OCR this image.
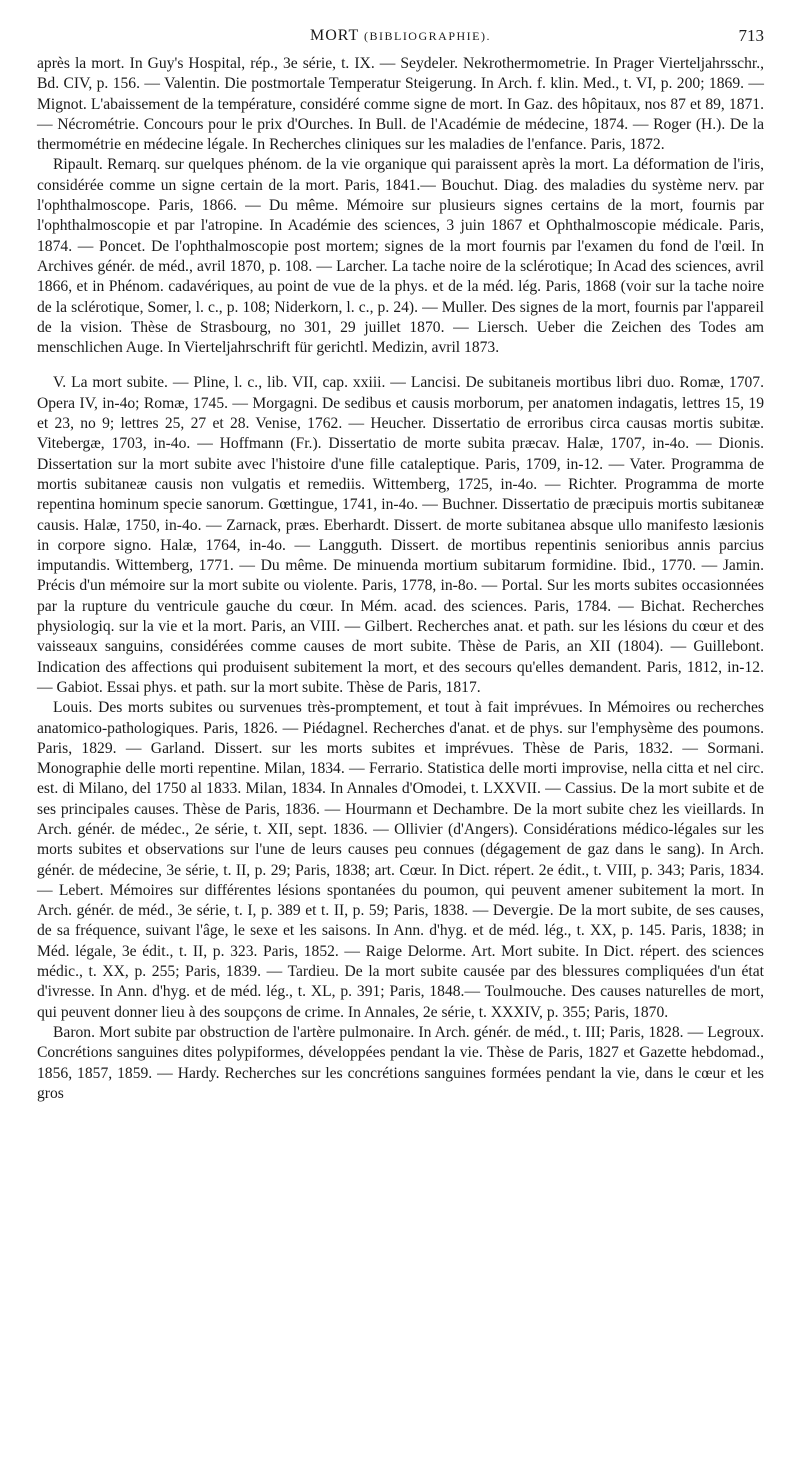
MORT (BIBLIOGRAPHIE).	713

après la mort. In Guy's Hospital, rép., 3e série, t. IX. — Seydeler. Nekrothermometrie. In Prager Vierteljahrsschr., Bd. CIV, p. 156. — Valentin. Die postmortale Temperatur Steigerung. In Arch. f. klin. Med., t. VI, p. 200; 1869. — Mignot. L'abaissement de la température, considéré comme signe de mort. In Gaz. des hôpitaux, nos 87 et 89, 1871. — Nécrométrie. Concours pour le prix d'Ourches. In Bull. de l'Académie de médecine, 1874. — Roger (H.). De la thermométrie en médecine légale. In Recherches cliniques sur les maladies de l'enfance. Paris, 1872.

Ripault. Remarq. sur quelques phénom. de la vie organique qui paraissent après la mort. La déformation de l'iris, considérée comme un signe certain de la mort. Paris, 1841.— Bouchut. Diag. des maladies du système nerv. par l'ophthalmoscope. Paris, 1866. — Du même. Mémoire sur plusieurs signes certains de la mort, fournis par l'ophthalmoscopie et par l'atropine. In Académie des sciences, 3 juin 1867 et Ophthalmoscopie médicale. Paris, 1874. — Poncet. De l'ophthalmoscopie post mortem; signes de la mort fournis par l'examen du fond de l'œil. In Archives génér. de méd., avril 1870, p. 108. — Larcher. La tache noire de la sclérotique; In Acad des sciences, avril 1866, et in Phénom. cadavériques, au point de vue de la phys. et de la méd. lég. Paris, 1868 (voir sur la tache noire de la sclérotique, Somer, l. c., p. 108; Niderkorn, l. c., p. 24). — Muller. Des signes de la mort, fournis par l'appareil de la vision. Thèse de Strasbourg, no 301, 29 juillet 1870. — Liersch. Ueber die Zeichen des Todes am menschlichen Auge. In Vierteljahrschrift für gerichtl. Medizin, avril 1873.

V. La mort subite. — Pline, l. c., lib. VII, cap. xxiii. — Lancisi. De subitaneis mortibus libri duo. Romæ, 1707. Opera IV, in-4o; Romæ, 1745. — Morgagni. De sedibus et causis morborum, per anatomen indagatis, lettres 15, 19 et 23, no 9; lettres 25, 27 et 28. Venise, 1762. — Heucher. Dissertatio de erroribus circa causas mortis subitæ. Vitebergæ, 1703, in-4o. — Hoffmann (Fr.). Dissertatio de morte subita præcav. Halæ, 1707, in-4o. — Dionis. Dissertation sur la mort subite avec l'histoire d'une fille cataleptique. Paris, 1709, in-12. — Vater. Programma de mortis subitaneæ causis non vulgatis et remediis. Wittemberg, 1725, in-4o. — Richter. Programma de morte repentina hominum specie sanorum. Gœttingue, 1741, in-4o. — Buchner. Dissertatio de præcipuis mortis subitaneæ causis. Halæ, 1750, in-4o. — Zarnack, præs. Eberhardt. Dissert. de morte subitanea absque ullo manifesto læsionis in corpore signo. Halæ, 1764, in-4o. — Langguth. Dissert. de mortibus repentinis senioribus annis parcius imputandis. Wittemberg, 1771. — Du même. De minuenda mortium subitarum formidine. Ibid., 1770. — Jamin. Précis d'un mémoire sur la mort subite ou violente. Paris, 1778, in-8o. — Portal. Sur les morts subites occasionnées par la rupture du ventricule gauche du cœur. In Mém. acad. des sciences. Paris, 1784. — Bichat. Recherches physiologiq. sur la vie et la mort. Paris, an VIII. — Gilbert. Recherches anat. et path. sur les lésions du cœur et des vaisseaux sanguins, considérées comme causes de mort subite. Thèse de Paris, an XII (1804). — Guillebont. Indication des affections qui produisent subitement la mort, et des secours qu'elles demandent. Paris, 1812, in-12. — Gabiot. Essai phys. et path. sur la mort subite. Thèse de Paris, 1817.

Louis. Des morts subites ou survenues très-promptement, et tout à fait imprévues. In Mémoires ou recherches anatomico-pathologiques. Paris, 1826. — Piédagnel. Recherches d'anat. et de phys. sur l'emphysème des poumons. Paris, 1829. — Garland. Dissert. sur les morts subites et imprévues. Thèse de Paris, 1832. — Sormani. Monographie delle morti repentine. Milan, 1834. — Ferrario. Statistica delle morti improvise, nella citta et nel circ. est. di Milano, del 1750 al 1833. Milan, 1834. In Annales d'Omodei, t. LXXVII. — Cassius. De la mort subite et de ses principales causes. Thèse de Paris, 1836. — Hourmann et Dechambre. De la mort subite chez les vieillards. In Arch. génér. de médec., 2e série, t. XII, sept. 1836. — Ollivier (d'Angers). Considérations médico-légales sur les morts subites et observations sur l'une de leurs causes peu connues (dégagement de gaz dans le sang). In Arch. génér. de médecine, 3e série, t. II, p. 29; Paris, 1838; art. Cœur. In Dict. répert. 2e édit., t. VIII, p. 343; Paris, 1834. — Lebert. Mémoires sur différentes lésions spontanées du poumon, qui peuvent amener subitement la mort. In Arch. génér. de méd., 3e série, t. I, p. 389 et t. II, p. 59; Paris, 1838. — Devergie. De la mort subite, de ses causes, de sa fréquence, suivant l'âge, le sexe et les saisons. In Ann. d'hyg. et de méd. lég., t. XX, p. 145. Paris, 1838; in Méd. légale, 3e édit., t. II, p. 323. Paris, 1852. — Raige Delorme. Art. Mort subite. In Dict. répert. des sciences médic., t. XX, p. 255; Paris, 1839. — Tardieu. De la mort subite causée par des blessures compliquées d'un état d'ivresse. In Ann. d'hyg. et de méd. lég., t. XL, p. 391; Paris, 1848.— Toulmouche. Des causes naturelles de mort, qui peuvent donner lieu à des soupçons de crime. In Annales, 2e série, t. XXXIV, p. 355; Paris, 1870.

Baron. Mort subite par obstruction de l'artère pulmonaire. In Arch. génér. de méd., t. III; Paris, 1828. — Legroux. Concrétions sanguines dites polypiformes, développées pendant la vie. Thèse de Paris, 1827 et Gazette hebdomad., 1856, 1857, 1859. — Hardy. Recherches sur les concrétions sanguines formées pendant la vie, dans le cœur et les gros
